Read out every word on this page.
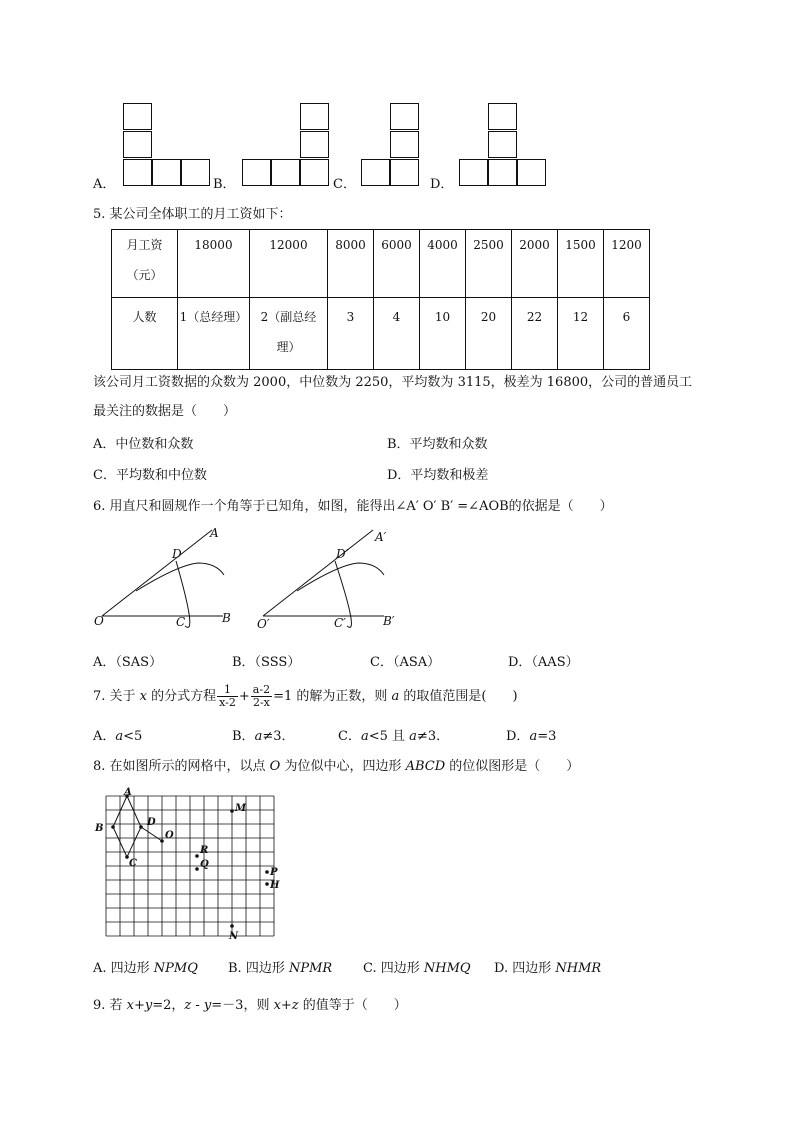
A．	B．	C．	D．
5. 某公司全体职工的月工资如下：
月工资
（元）	18000	12000	8000	6000	4000	2500	2000	1500	1200
人数	1（总经理）	2（副总经
理）	3	4	10	20	22	12	6
该公司月工资数据的众数为 2000，中位数为 2250，平均数为 3115，极差为 16800，公司的普通员工
最关注的数据是（　　）
A．中位数和众数	B．平均数和众数
C．平均数和中位数	D．平均数和极差
6. 用直尺和圆规作一个角等于已知角，如图，能得出∠A′ O′ B′ =∠AOB的依据是（　　）
O	C	B
D
A
O′	C′	B′
D′
A′
A．（SAS）	B．（SSS）	C．（ASA）	D．（AAS）
7. 关于 x 的分式方程 $\frac{1}{x-2} + \frac{a-2}{2-x} =1$ 的解为正数，则 a 的取值范围是(　　)
A．a<5	B．a≠3．	C．a<5 且 a≠3．	D．a=3
8. 在如图所示的网格中，以点 O 为位似中心，四边形 ABCD 的位似图形是（　　）
A
B
C
D
O
M
R
Q
P
H
N
A. 四边形 NPMQ B. 四边形 NPMR C. 四边形 NHMQ D. 四边形 NHMR
9. 若 x+y=2，z - y=－3，则 x+z 的值等于（　　）
